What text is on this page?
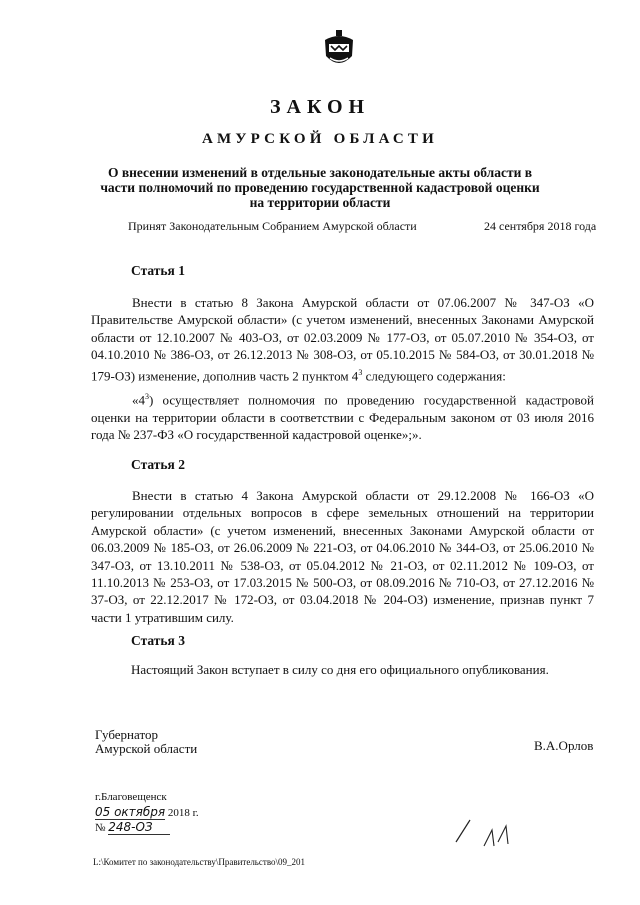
ЗАКОН
АМУРСКОЙ ОБЛАСТИ
О внесении изменений в отдельные законодательные акты области в
части полномочий по проведению государственной кадастровой оценки
на территории области
Принят Законодательным Собранием Амурской области	24 сентября 2018 года
Статья 1
Внести в статью 8 Закона Амурской области от 07.06.2007 № 347-ОЗ «О Правительстве Амурской области» (с учетом изменений, внесенных Законами Амурской области от 12.10.2007 № 403-ОЗ, от 02.03.2009 № 177-ОЗ, от 05.07.2010 № 354-ОЗ, от 04.10.2010 № 386-ОЗ, от 26.12.2013 № 308-ОЗ, от 05.10.2015 № 584-ОЗ, от 30.01.2018 № 179-ОЗ) изменение, дополнив часть 2 пунктом $4^3$ следующего содержания:
«$4^3$) осуществляет полномочия по проведению государственной кадастровой оценки на территории области в соответствии с Федеральным законом от 03 июля 2016 года № 237-ФЗ «О государственной кадастровой оценке»;».
Статья 2
Внести в статью 4 Закона Амурской области от 29.12.2008 № 166-ОЗ «О регулировании отдельных вопросов в сфере земельных отношений на территории Амурской области» (с учетом изменений, внесенных Законами Амурской области от 06.03.2009 № 185-ОЗ, от 26.06.2009 № 221-ОЗ, от 04.06.2010 № 344-ОЗ, от 25.06.2010 № 347-ОЗ, от 13.10.2011 № 538-ОЗ, от 05.04.2012 № 21-ОЗ, от 02.11.2012 № 109-ОЗ, от 11.10.2013 № 253-ОЗ, от 17.03.2015 № 500-ОЗ, от 08.09.2016 № 710-ОЗ, от 27.12.2016 № 37-ОЗ, от 22.12.2017 № 172-ОЗ, от 03.04.2018 № 204-ОЗ) изменение, признав пункт 7 части 1 утратившим силу.
Статья 3
Настоящий Закон вступает в силу со дня его официального опубликования.
Губернатор
Амурской области	В.А.Орлов
г.Благовещенск
05 октября 2018 г.
№ 248-ОЗ
L:\Комитет по законодательству\Правительство\09_201
